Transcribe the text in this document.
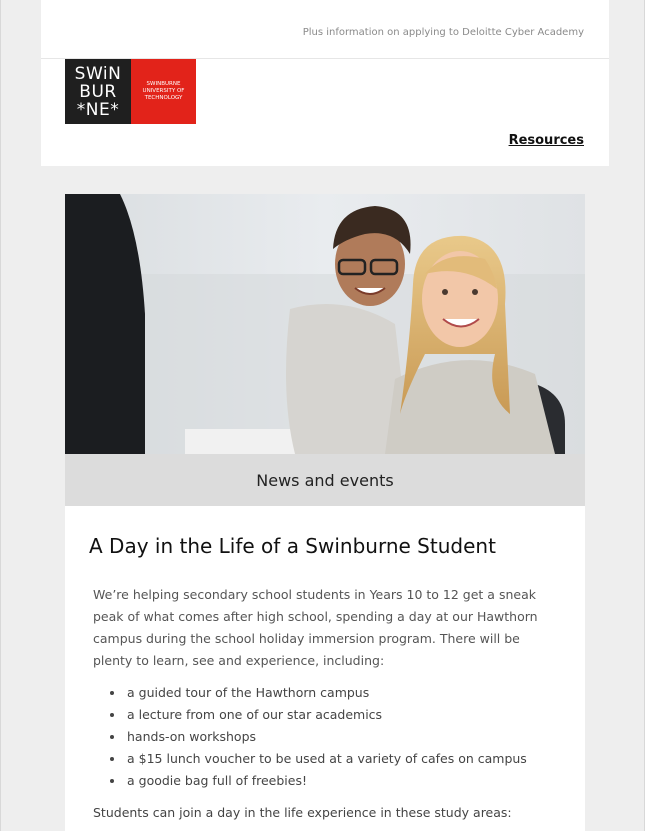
Plus information on applying to Deloitte Cyber Academy
SWiN
BUR
*NE*
SWINBURNE
UNIVERSITY OF
TECHNOLOGY
Resources
News and events
A Day in the Life of a Swinburne Student

We’re helping secondary school students in Years 10 to 12 get a sneak peak of what comes after high school, spending a day at our Hawthorn campus during the school holiday immersion program. There will be plenty to learn, see and experience, including:

• a guided tour of the Hawthorn campus
• a lecture from one of our star academics
• hands-on workshops
• a $15 lunch voucher to be used at a variety of cafes on campus
• a goodie bag full of freebies!

Students can join a day in the life experience in these study areas:
